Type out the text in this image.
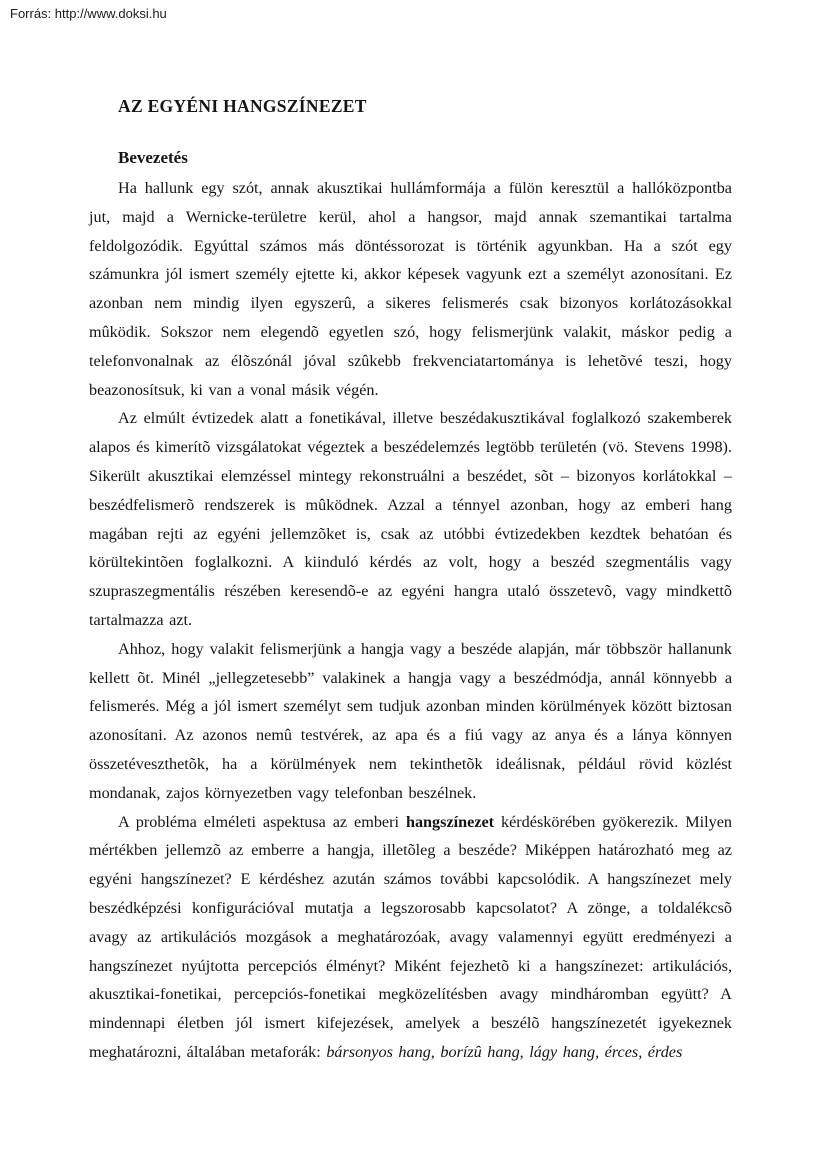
Forrás: http://www.doksi.hu
AZ EGYÉNI HANGSZÍNEZET
Bevezetés

Ha hallunk egy szót, annak akusztikai hullámformája a fülön keresztül a hallóközpontba jut, majd a Wernicke-területre kerül, ahol a hangsor, majd annak szemantikai tartalma feldolgozódik. Egyúttal számos más döntéssorozat is történik agyunkban. Ha a szót egy számunkra jól ismert személy ejtette ki, akkor képesek vagyunk ezt a személyt azonosítani. Ez azonban nem mindig ilyen egyszerû, a sikeres felismerés csak bizonyos korlátozásokkal mûködik. Sokszor nem elegendõ egyetlen szó, hogy felismerjünk valakit, máskor pedig a telefonvonalnak az élõszónál jóval szûkebb frekvenciatartománya is lehetõvé teszi, hogy beazonosítsuk, ki van a vonal másik végén.

Az elmúlt évtizedek alatt a fonetikával, illetve beszédakusztikával foglalkozó szakemberek alapos és kimerítõ vizsgálatokat végeztek a beszédelemzés legtöbb területén (vö. Stevens 1998). Sikerült akusztikai elemzéssel mintegy rekonstruálni a beszédet, sõt – bizonyos korlátokkal – beszédfelismerõ rendszerek is mûködnek. Azzal a ténnyel azonban, hogy az emberi hang magában rejti az egyéni jellemzõket is, csak az utóbbi évtizedekben kezdtek behatóan és körültekintõen foglalkozni. A kiinduló kérdés az volt, hogy a beszéd szegmentális vagy szupraszegmentális részében keresendõ-e az egyéni hangra utaló összetevõ, vagy mindkettõ tartalmazza azt.

Ahhoz, hogy valakit felismerjünk a hangja vagy a beszéde alapján, már többször hallanunk kellett õt. Minél „jellegzetesebb” valakinek a hangja vagy a beszédmódja, annál könnyebb a felismerés. Még a jól ismert személyt sem tudjuk azonban minden körülmények között biztosan azonosítani. Az azonos nemû testvérek, az apa és a fiú vagy az anya és a lánya könnyen összetéveszthetõk, ha a körülmények nem tekinthetõk ideálisnak, például rövid közlést mondanak, zajos környezetben vagy telefonban beszélnek.

A probléma elméleti aspektusa az emberi hangszínezet kérdéskörében gyökerezik. Milyen mértékben jellemzõ az emberre a hangja, illetõleg a beszéde? Miképpen határozható meg az egyéni hangszínezet? E kérdéshez azután számos további kapcsolódik. A hangszínezet mely beszédképzési konfigurációval mutatja a legszorosabb kapcsolatot? A zönge, a toldalékcsõ avagy az artikulációs mozgások a meghatározóak, avagy valamennyi együtt eredményezi a hangszínezet nyújtotta percepciós élményt? Miként fejezhetõ ki a hangszínezet: artikulációs, akusztikai-fonetikai, percepciós-fonetikai megközelítésben avagy mindháromban együtt? A mindennapi életben jól ismert kifejezések, amelyek a beszélõ hangszínezetét igyekeznek meghatározni, általában metaforák: bársonyos hang, borízû hang, lágy hang, érces, érdes
